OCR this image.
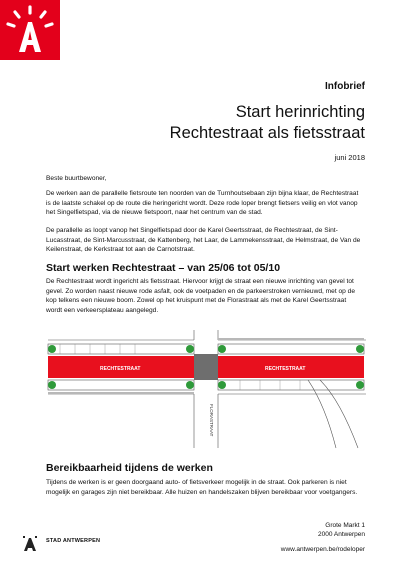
Infobrief
Start herinrichting
Rechtestraat als fietsstraat
juni 2018

Beste buurtbewoner,

De werken aan de parallelle fietsroute ten noorden van de Turnhoutsebaan zijn bijna klaar, de Rechtestraat is de laatste schakel op de route die heringericht wordt. Deze rode loper brengt fietsers veilig en vlot vanop het Singelfietspad, via de nieuwe fietspoort, naar het centrum van de stad.

De parallelle as loopt vanop het Singelfietspad door de Karel Geertsstraat, de Rechtestraat, de Sint-Lucasstraat, de Sint-Marcusstraat, de Kattenberg, het Laar, de Lammekensstraat, de Helmstraat, de Van de Keilenstraat, de Kerkstraat tot aan de Carnotstraat.

Start werken Rechtestraat – van 25/06 tot 05/10

De Rechtestraat wordt ingericht als fietsstraat. Hiervoor krijgt de straat een nieuwe inrichting van gevel tot gevel. Zo worden naast nieuwe rode asfalt, ook de voetpaden en de parkeerstroken vernieuwd, met op de kop telkens een nieuwe boom. Zowel op het kruispunt met de Florastraat als met de Karel Geertsstraat wordt een verkeersplateau aangelegd.

RECHTESTRAAT	RECHTESTRAAT
FLORASTRAAT
Bereikbaarheid tijdens de werken

Tijdens de werken is er geen doorgaand auto- of fietsverkeer mogelijk in de straat. Ook parkeren is niet mogelijk en garages zijn niet bereikbaar. Alle huizen en handelszaken blijven bereikbaar voor voetgangers.

STAD ANTWERPEN
Grote Markt 1
2000 Antwerpen
www.antwerpen.be/rodeloper
